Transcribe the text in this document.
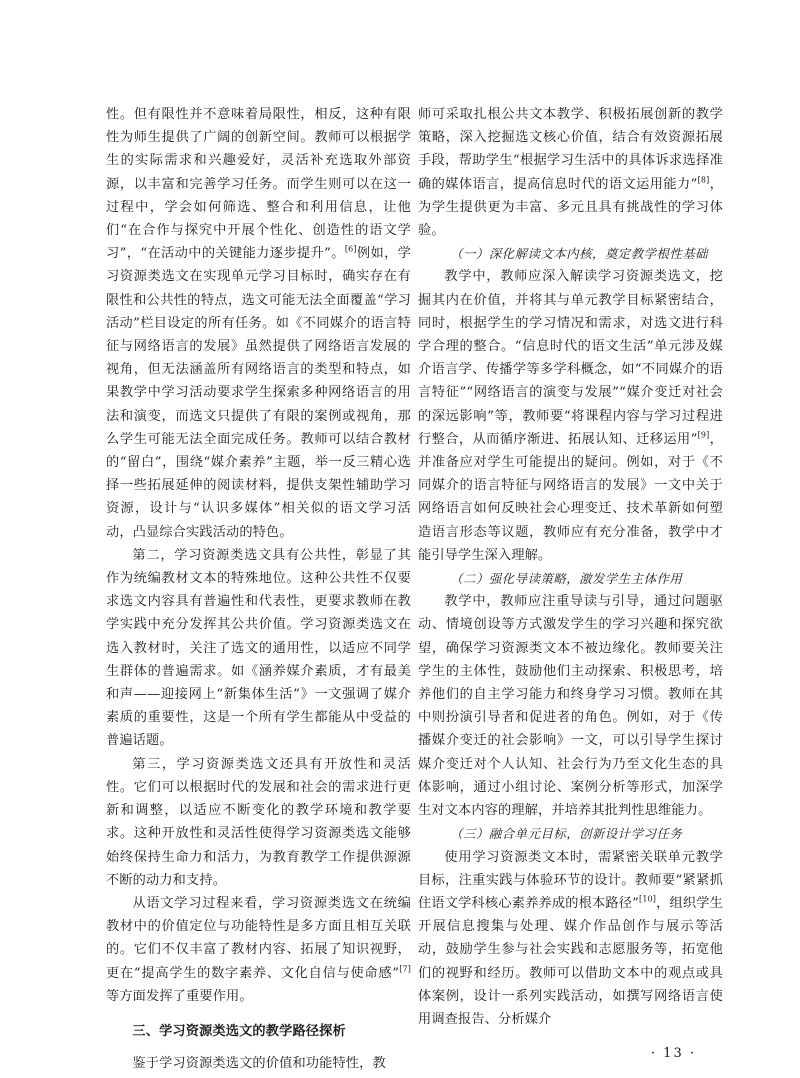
性。但有限性并不意味着局限性，相反，这种有限性为师生提供了广阔的创新空间。教师可以根据学生的实际需求和兴趣爱好，灵活补充选取外部资源，以丰富和完善学习任务。而学生则可以在这一过程中，学会如何筛选、整合和利用信息，让他们“在合作与探究中开展个性化、创造性的语文学习”，“在活动中的关键能力逐步提升”。[6]例如，学习资源类选文在实现单元学习目标时，确实存在有限性和公共性的特点，选文可能无法全面覆盖“学习活动”栏目设定的所有任务。如《不同媒介的语言特征与网络语言的发展》虽然提供了网络语言发展的视角，但无法涵盖所有网络语言的类型和特点，如果教学中学习活动要求学生探索多种网络语言的用法和演变，而选文只提供了有限的案例或视角，那么学生可能无法全面完成任务。教师可以结合教材的“留白”，围绕“媒介素养”主题，举一反三精心选择一些拓展延伸的阅读材料，提供支架性辅助学习资源，设计与“认识多媒体”相关似的语文学习活动，凸显综合实践活动的特色。

第二，学习资源类选文具有公共性，彰显了其作为统编教材文本的特殊地位。这种公共性不仅要求选文内容具有普遍性和代表性，更要求教师在教学实践中充分发挥其公共价值。学习资源类选文在选入教材时，关注了选文的通用性，以适应不同学生群体的普遍需求。如《涵养媒介素质，才有最美和声——迎接网上“新集体生活”》一文强调了媒介素质的重要性，这是一个所有学生都能从中受益的普遍话题。

第三，学习资源类选文还具有开放性和灵活性。它们可以根据时代的发展和社会的需求进行更新和调整，以适应不断变化的教学环境和教学要求。这种开放性和灵活性使得学习资源类选文能够始终保持生命力和活力，为教育教学工作提供源源不断的动力和支持。

从语文学习过程来看，学习资源类选文在统编教材中的价值定位与功能特性是多方面且相互关联的。它们不仅丰富了教材内容、拓展了知识视野，更在“提高学生的数字素养、文化自信与使命感”[7]等方面发挥了重要作用。

三、学习资源类选文的教学路径探析

鉴于学习资源类选文的价值和功能特性，教

师可采取扎根公共文本教学、积极拓展创新的教学策略，深入挖掘选文核心价值，结合有效资源拓展手段，帮助学生“根据学习生活中的具体诉求选择准确的媒体语言，提高信息时代的语文运用能力”[8]，为学生提供更为丰富、多元且具有挑战性的学习体验。

（一）深化解读文本内核，奠定教学根性基础

教学中，教师应深入解读学习资源类选文，挖掘其内在价值，并将其与单元教学目标紧密结合，同时，根据学生的学习情况和需求，对选文进行科学合理的整合。“信息时代的语文生活”单元涉及媒介语言学、传播学等多学科概念，如“不同媒介的语言特征”“网络语言的演变与发展”“媒介变迁对社会的深远影响”等，教师要“将课程内容与学习过程进行整合，从而循序渐进、拓展认知、迁移运用”[9]，并准备应对学生可能提出的疑问。例如，对于《不同媒介的语言特征与网络语言的发展》一文中关于网络语言如何反映社会心理变迁、技术革新如何塑造语言形态等议题，教师应有充分准备，教学中才能引导学生深入理解。

（二）强化导读策略，激发学生主体作用

教学中，教师应注重导读与引导，通过问题驱动、情境创设等方式激发学生的学习兴趣和探究欲望，确保学习资源类文本不被边缘化。教师要关注学生的主体性，鼓励他们主动探索、积极思考，培养他们的自主学习能力和终身学习习惯。教师在其中则扮演引导者和促进者的角色。例如，对于《传播媒介变迁的社会影响》一文，可以引导学生探讨媒介变迁对个人认知、社会行为乃至文化生态的具体影响，通过小组讨论、案例分析等形式，加深学生对文本内容的理解，并培养其批判性思维能力。

（三）融合单元目标，创新设计学习任务

使用学习资源类文本时，需紧密关联单元教学目标，注重实践与体验环节的设计。教师要“紧紧抓住语文学科核心素养养成的根本路径”[10]，组织学生开展信息搜集与处理、媒介作品创作与展示等活动，鼓励学生参与社会实践和志愿服务等，拓宽他们的视野和经历。教师可以借助文本中的观点或具体案例，设计一系列实践活动，如撰写网络语言使用调查报告、分析媒介

· 13 ·
